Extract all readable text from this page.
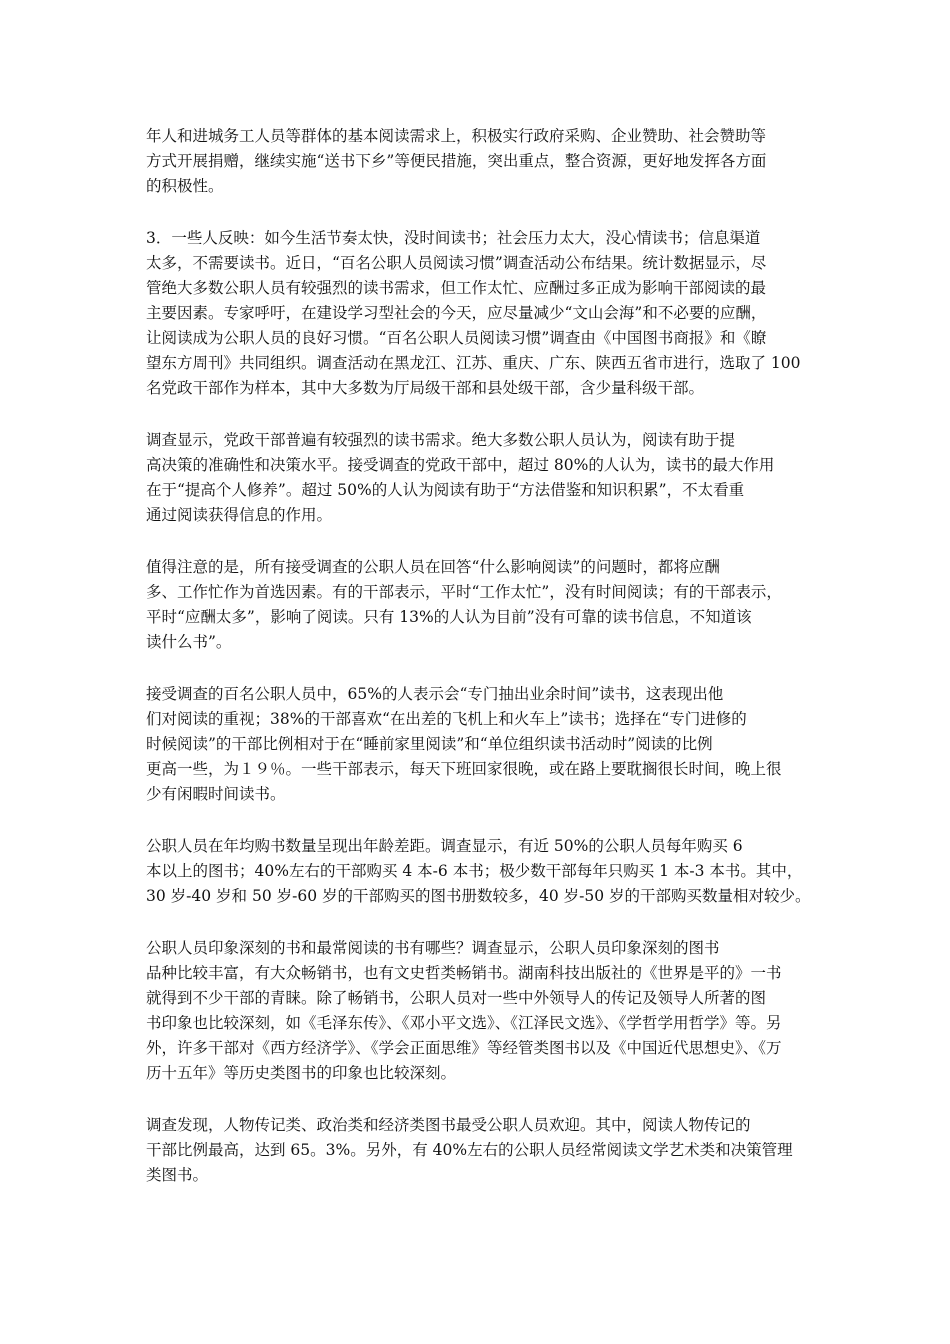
年人和进城务工人员等群体的基本阅读需求上，积极实行政府采购、企业赞助、社会赞助等
方式开展捐赠，继续实施“送书下乡”等便民措施，突出重点，整合资源，更好地发挥各方面
的积极性。

3．一些人反映：如今生活节奏太快，没时间读书；社会压力太大，没心情读书；信息渠道
太多，不需要读书。近日，“百名公职人员阅读习惯”调查活动公布结果。统计数据显示，尽
管绝大多数公职人员有较强烈的读书需求，但工作太忙、应酬过多正成为影响干部阅读的最
主要因素。专家呼吁，在建设学习型社会的今天，应尽量减少“文山会海”和不必要的应酬，
让阅读成为公职人员的良好习惯。“百名公职人员阅读习惯”调查由《中国图书商报》和《瞭
望东方周刊》共同组织。调查活动在黑龙江、江苏、重庆、广东、陕西五省市进行，选取了 100
名党政干部作为样本，其中大多数为厅局级干部和县处级干部，含少量科级干部。

调查显示，党政干部普遍有较强烈的读书需求。绝大多数公职人员认为，阅读有助于提
高决策的准确性和决策水平。接受调查的党政干部中，超过 80%的人认为，读书的最大作用
在于“提高个人修养”。超过 50%的人认为阅读有助于“方法借鉴和知识积累”，不太看重
通过阅读获得信息的作用。

值得注意的是，所有接受调查的公职人员在回答“什么影响阅读”的问题时，都将应酬
多、工作忙作为首选因素。有的干部表示，平时“工作太忙”，没有时间阅读；有的干部表示，
平时“应酬太多”，影响了阅读。只有 13%的人认为目前”没有可靠的读书信息，不知道该
读什么书”。

接受调查的百名公职人员中，65%的人表示会“专门抽出业余时间”读书，这表现出他
们对阅读的重视；38%的干部喜欢“在出差的飞机上和火车上”读书；选择在“专门进修的
时候阅读”的干部比例相对于在“睡前家里阅读”和“单位组织读书活动时”阅读的比例
更高一些，为１９％。一些干部表示，每天下班回家很晚，或在路上要耽搁很长时间，晚上很
少有闲暇时间读书。

公职人员在年均购书数量呈现出年龄差距。调查显示，有近 50%的公职人员每年购买 6
本以上的图书；40%左右的干部购买 4 本-6 本书；极少数干部每年只购买 1 本-3 本书。其中，
30 岁-40 岁和 50 岁-60 岁的干部购买的图书册数较多，40 岁-50 岁的干部购买数量相对较少。

公职人员印象深刻的书和最常阅读的书有哪些？调查显示，公职人员印象深刻的图书
品种比较丰富，有大众畅销书，也有文史哲类畅销书。湖南科技出版社的《世界是平的》一书
就得到不少干部的青睐。除了畅销书，公职人员对一些中外领导人的传记及领导人所著的图
书印象也比较深刻，如《毛泽东传》、《邓小平文选》、《江泽民文选》、《学哲学用哲学》等。另
外，许多干部对《西方经济学》、《学会正面思维》等经管类图书以及《中国近代思想史》、《万
历十五年》等历史类图书的印象也比较深刻。

调查发现，人物传记类、政治类和经济类图书最受公职人员欢迎。其中，阅读人物传记的
干部比例最高，达到 65。3%。另外，有 40%左右的公职人员经常阅读文学艺术类和决策管理
类图书。
